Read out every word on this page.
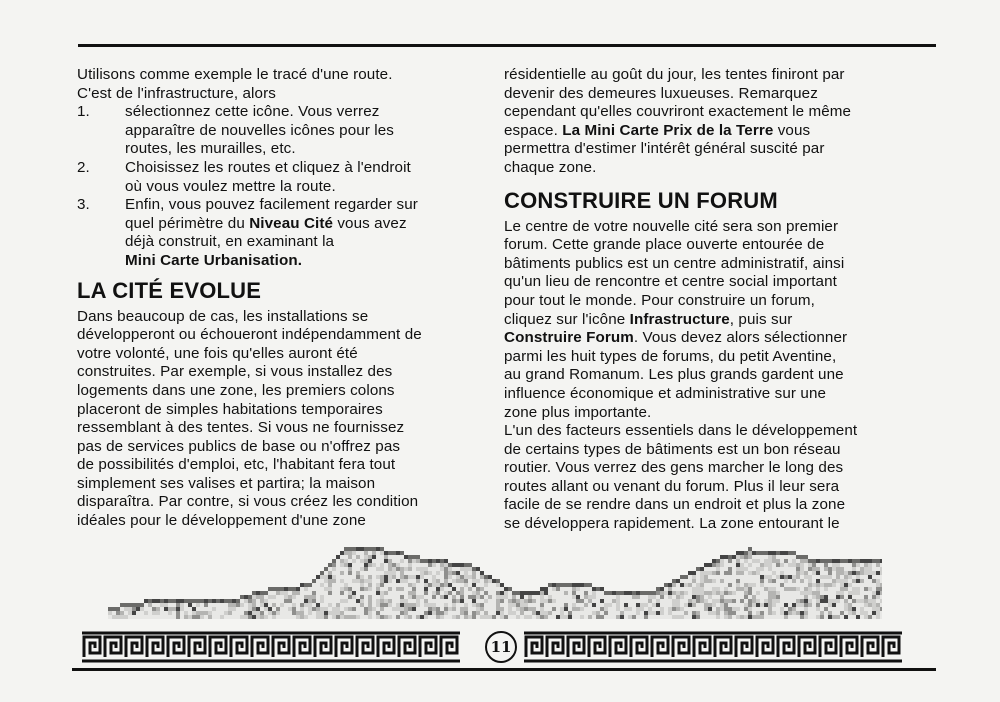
Utilisons comme exemple le tracé d'une route.

C'est de l'infrastructure, alors

1.	sélectionnez cette icône. Vous verrez
apparaître de nouvelles icônes pour les
routes, les murailles, etc.
2.	Choisissez les routes et cliquez à l'endroit
où vous voulez mettre la route.
3.	Enfin, vous pouvez facilement regarder sur
quel périmètre du Niveau Cité vous avez
déjà construit, en examinant la
Mini Carte Urbanisation.
LA CITÉ EVOLUE

Dans beaucoup de cas, les installations se

développeront ou échoueront indépendamment de

votre volonté, une fois qu'elles auront été

construites. Par exemple, si vous installez des

logements dans une zone, les premiers colons

placeront de simples habitations temporaires

ressemblant à des tentes. Si vous ne fournissez

pas de services publics de base ou n'offrez pas

de possibilités d'emploi, etc, l'habitant fera tout

simplement ses valises et partira; la maison

disparaîtra. Par contre, si vous créez les condition

idéales pour le développement d'une zone

résidentielle au goût du jour, les tentes finiront par

devenir des demeures luxueuses. Remarquez

cependant qu'elles couvriront exactement le même

espace. La Mini Carte Prix de la Terre vous

permettra d'estimer l'intérêt général suscité par

chaque zone.

CONSTRUIRE UN FORUM

Le centre de votre nouvelle cité sera son premier

forum. Cette grande place ouverte entourée de

bâtiments publics est un centre administratif, ainsi

qu'un lieu de rencontre et centre social important

pour tout le monde. Pour construire un forum,

cliquez sur l'icône Infrastructure, puis sur

Construire Forum. Vous devez alors sélectionner

parmi les huit types de forums, du petit Aventine,

au grand Romanum. Les plus grands gardent une

influence économique et administrative sur une

zone plus importante.

L'un des facteurs essentiels dans le développement

de certains types de bâtiments est un bon réseau

routier. Vous verrez des gens marcher le long des

routes allant ou venant du forum. Plus il leur sera

facile de se rendre dans un endroit et plus la zone

se développera rapidement. La zone entourant le

11
